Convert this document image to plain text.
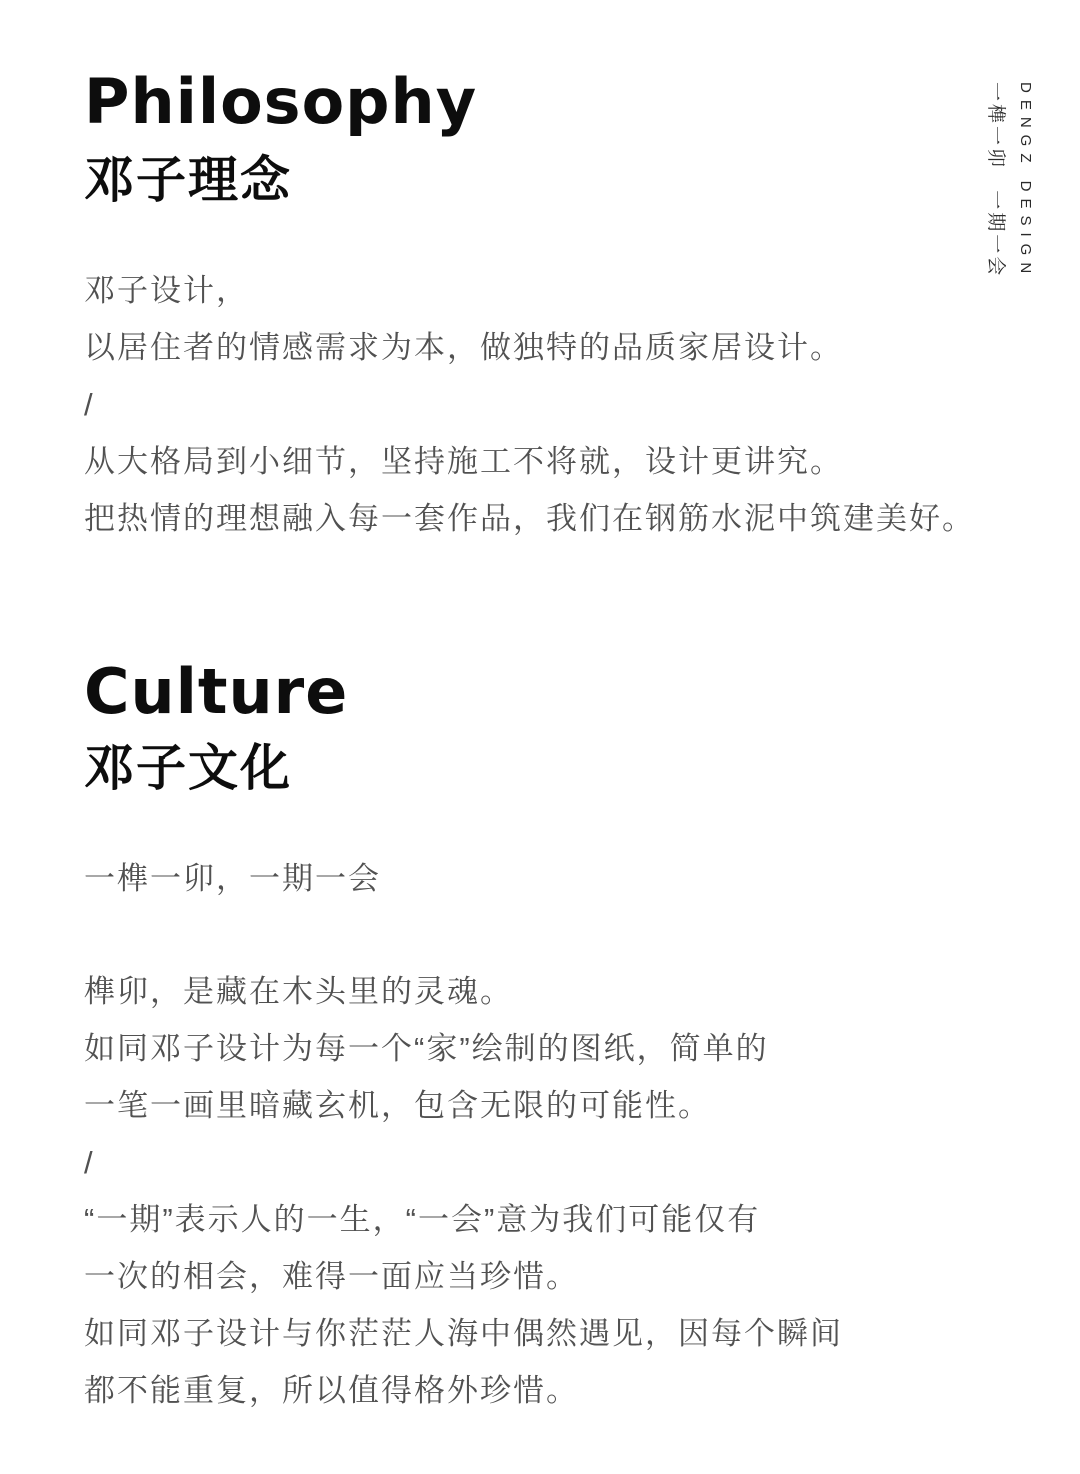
Philosophy
邓子理念
邓子设计，
以居住者的情感需求为本，做独特的品质家居设计。
/
从大格局到小细节，坚持施工不将就，设计更讲究。
把热情的理想融入每一套作品，我们在钢筋水泥中筑建美好。
Culture
邓子文化
一榫一卯，一期一会
榫卯，是藏在木头里的灵魂。
如同邓子设计为每一个“家”绘制的图纸，简单的
一笔一画里暗藏玄机，包含无限的可能性。
/
“一期”表示人的一生，“一会”意为我们可能仅有
一次的相会，难得一面应当珍惜。
如同邓子设计与你茫茫人海中偶然遇见，因每个瞬间
都不能重复，所以值得格外珍惜。
DENGZ DESIGN
一榫一卯 一期一会
